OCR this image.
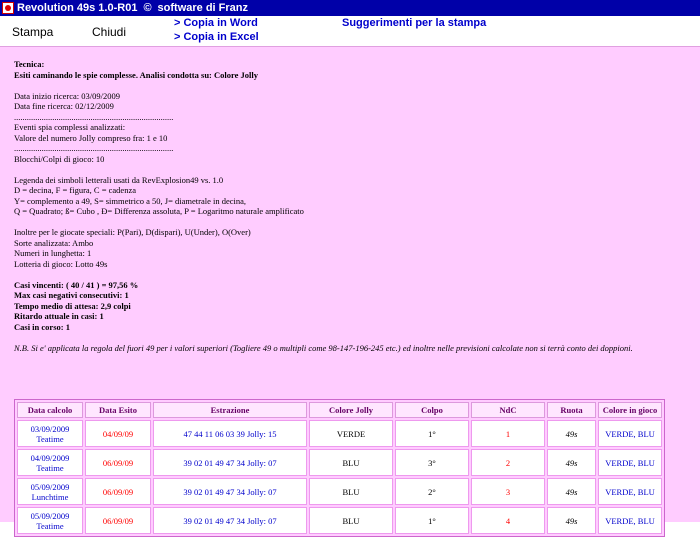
Revolution 49s 1.0-R01 © software di Franz
Stampa	Chiudi
> Copia in Word
> Copia in Excel
Suggerimenti per la stampa

Tecnica:

Esiti caminando le spie complesse. Analisi condotta su: Colore Jolly

Data inizio ricerca: 03/09/2009

Data fine ricerca: 02/12/2009

...........................................................................

Eventi spia complessi analizzati:

Valore del numero Jolly compreso fra: 1 e 10

...........................................................................

Blocchi/Colpi di gioco: 10

Legenda dei simboli letterali usati da RevExplosion49 vs. 1.0

D = decina, F = figura, C = cadenza

Y= complemento a 49, S= simmetrico a 50, J= diametrale in decina,

Q = Quadrato; ß= Cubo , Ð= Differenza assoluta, P = Logaritmo naturale amplificato

Inoltre per le giocate speciali: P(Pari), D(dispari), U(Under), O(Over)

Sorte analizzata: Ambo

Numeri in lunghetta: 1

Lotteria di gioco: Lotto 49s

Casi vincenti: ( 40 / 41 ) = 97,56 %

Max casi negativi consecutivi: 1

Tempo medio di attesa: 2,9 colpi

Ritardo attuale in casi: 1

Casi in corso: 1

N.B. Si e' applicata la regola del fuori 49 per i valori superiori (Togliere 49 o multipli come 98-147-196-245 etc.) ed inoltre nelle previsioni calcolate non si terrà conto dei doppioni.

Data calcolo	Data Esito	Estrazione	Colore Jolly	Colpo	NdC	Ruota	Colore in gioco
03/09/2009
Teatime	04/09/09	47 44 11 06 03 39 Jolly: 15	VERDE	1°	1	49s	VERDE, BLU
04/09/2009
Teatime	06/09/09	39 02 01 49 47 34 Jolly: 07	BLU	3°	2	49s	VERDE, BLU
05/09/2009
Lunchtime	06/09/09	39 02 01 49 47 34 Jolly: 07	BLU	2°	3	49s	VERDE, BLU
05/09/2009
Teatime	06/09/09	39 02 01 49 47 34 Jolly: 07	BLU	1°	4	49s	VERDE, BLU
